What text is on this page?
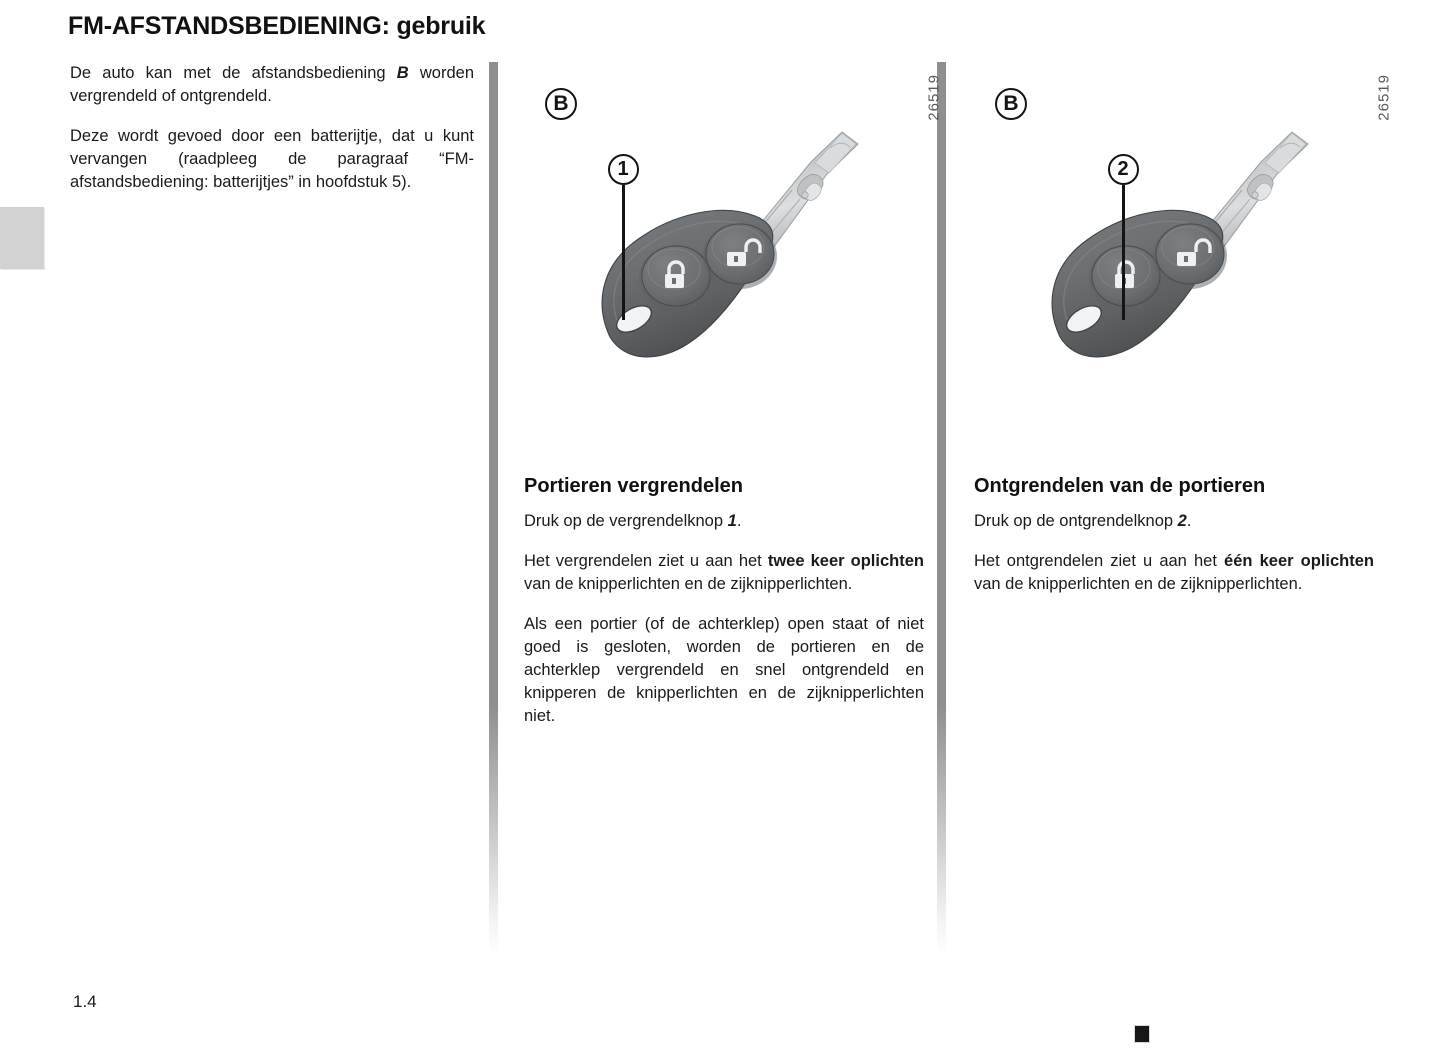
FM-AFSTANDSBEDIENING: gebruik

De auto kan met de afstandsbediening B worden vergrendeld of ontgrendeld.

Deze wordt gevoed door een batterijtje, dat u kunt vervangen (raadpleeg de paragraaf “FM-afstandsbediening: batterijtjes” in hoofdstuk 5).

B	26519
1
B	26519
2
Portieren vergrendelen

Druk op de vergrendelknop 1.

Het vergrendelen ziet u aan het twee keer oplichten van de knipperlichten en de zijknipperlichten.

Als een portier (of de achterklep) open staat of niet goed is gesloten, worden de portieren en de achterklep vergrendeld en snel ontgrendeld en knipperen de knipperlichten en de zijknipperlichten niet.

Ontgrendelen van de portieren

Druk op de ontgrendelknop 2.

Het ontgrendelen ziet u aan het één keer oplichten van de knipperlichten en de zijknipperlichten.

1.4
